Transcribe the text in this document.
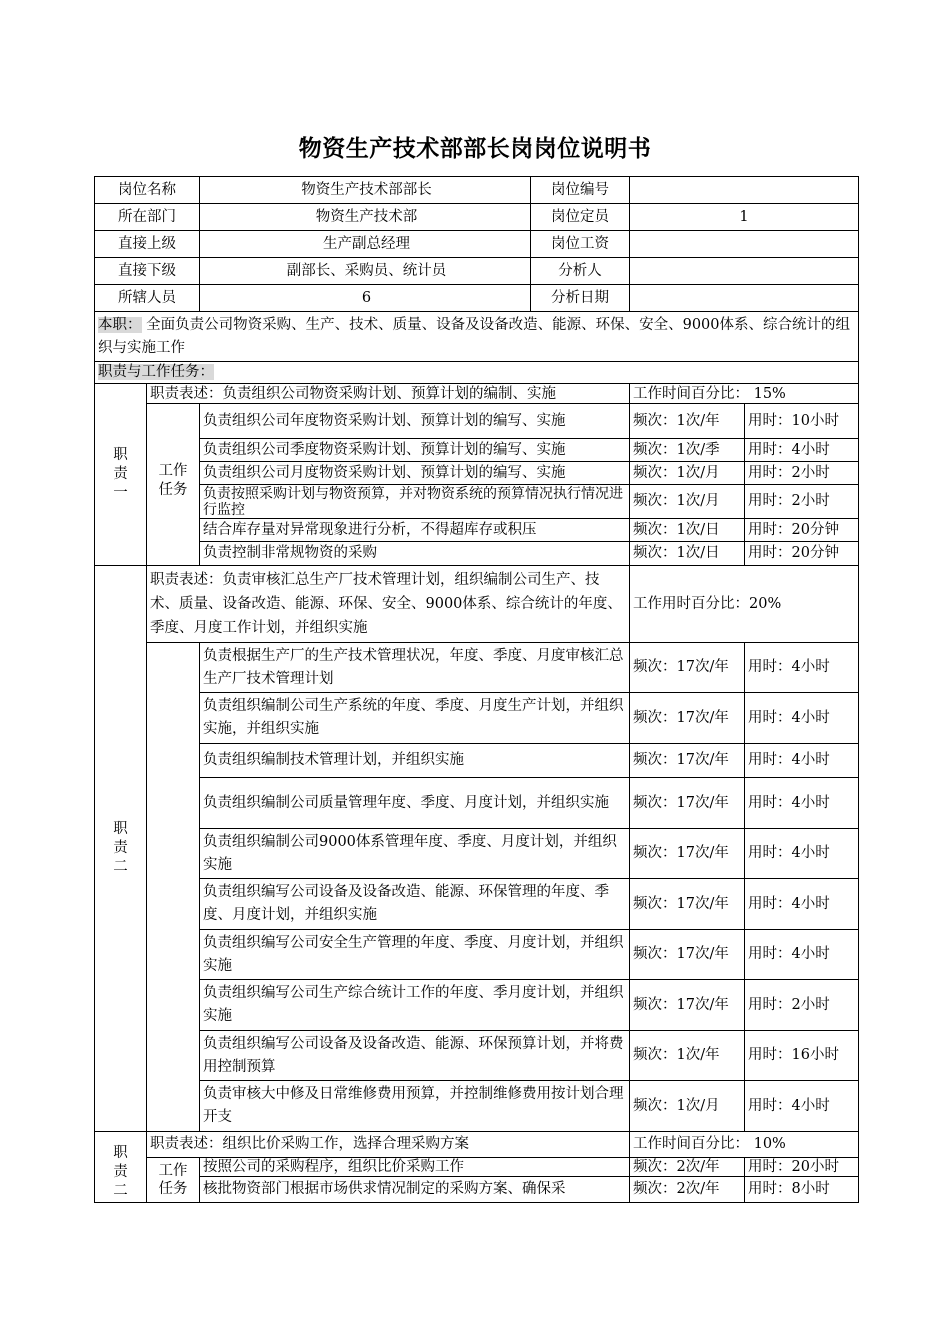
物资生产技术部部长岗岗位说明书
岗位名称		物资生产技术部部长 岗位编号		

所在部门		物资生产技术部 岗位定员	1	
直接上级		生产副总经理 岗位工资		

直接下级		副部长、采购员、统计员 分析人		

所辖人员		6 分析日期		

本职： 全面负责公司物资采购、生产、技术、质量、设备及设备改造、能源、环保、安全、9000体系、综合统计的组织与实施工作				
职责与工作任务：				
职责一	职责表述：负责组织公司物资采购计划、预算计划的编制、实施		工作时间百分比： 15%	
	工作任务	负责组织公司年度物资采购计划、预算计划的编写、实施	频次：1次/年	用时：10小时
		负责组织公司季度物资采购计划、预算计划的编写、实施	频次：1次/季	用时：4小时
		负责组织公司月度物资采购计划、预算计划的编写、实施	频次：1次/月	用时：2小时
		负责按照采购计划与物资预算，并对物资系统的预算情况执行情况进行监控	频次：1次/月	用时：2小时
		结合库存量对异常现象进行分析，不得超库存或积压	频次：1次/日	用时：20分钟
		负责控制非常规物资的采购	频次：1次/日	用时：20分钟
职责二	职责表述：负责审核汇总生产厂技术管理计划，组织编制公司生产、技术、质量、设备改造、能源、环保、安全、9000体系、综合统计的年度、季度、月度工作计划，并组织实施		工作用时百分比：20%	
		负责根据生产厂的生产技术管理状况，年度、季度、月度审核汇总生产厂技术管理计划	频次：17次/年	用时：4小时
		负责组织编制公司生产系统的年度、季度、月度生产计划，并组织实施，并组织实施	频次：17次/年	用时：4小时
		负责组织编制技术管理计划，并组织实施	频次：17次/年	用时：4小时
		负责组织编制公司质量管理年度、季度、月度计划，并组织实施	频次：17次/年	用时：4小时
		负责组织编制公司9000体系管理年度、季度、月度计划，并组织实施	频次：17次/年	用时：4小时
		负责组织编写公司设备及设备改造、能源、环保管理的年度、季度、月度计划，并组织实施	频次：17次/年	用时：4小时
		负责组织编写公司安全生产管理的年度、季度、月度计划，并组织实施	频次：17次/年	用时：4小时
		负责组织编写公司生产综合统计工作的年度、季月度计划，并组织实施	频次：17次/年	用时：2小时
		负责组织编写公司设备及设备改造、能源、环保预算计划，并将费用控制预算	频次：1次/年	用时：16小时
		负责审核大中修及日常维修费用预算，并控制维修费用按计划合理开支	频次：1次/月	用时：4小时
职责二	职责表述：组织比价采购工作，选择合理采购方案		工作时间百分比： 10%	
	工作任务	按照公司的采购程序，组织比价采购工作	频次：2次/年	用时：20小时
		核批物资部门根据市场供求情况制定的采购方案、确保采	频次：2次/年	用时：8小时
